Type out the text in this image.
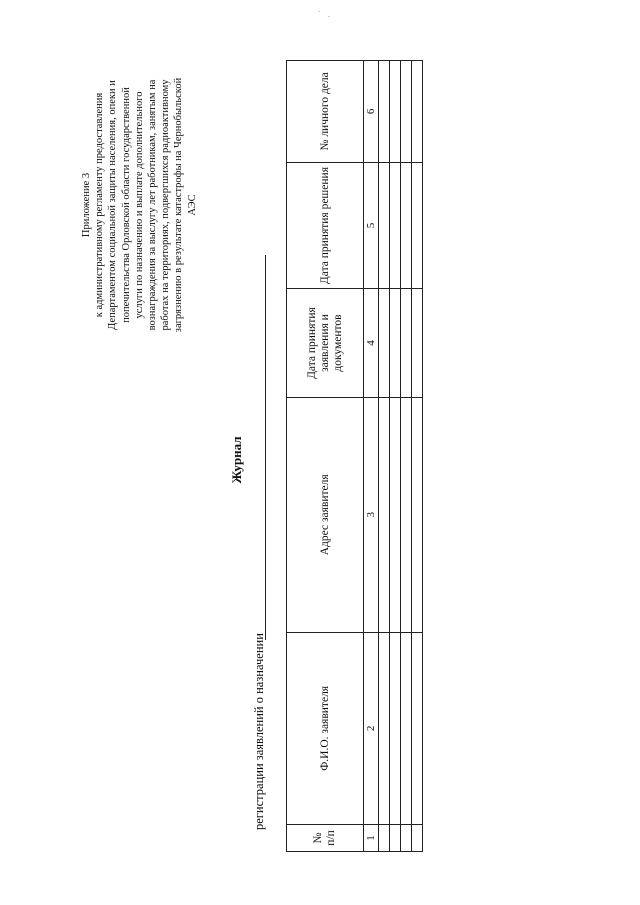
Приложение 3 к административному регламенту предоставления Департаментом социальной защиты населения, опеки и попечительства Орловской области государственной услуги по назначению и выплате дополнительного вознаграждения за выслугу лет работникам, занятым на работах на территориях, подвергшихся радиоактивному загрязнению в результате катастрофы на Чернобыльской АЭС
Журнал
регистрации заявлений о назначении
№ п/п	Ф.И.О. заявителя	Адрес заявителя	Дата принятия заявления и документов	Дата принятия решения	№ личного дела
1	2	3	4	5	6
